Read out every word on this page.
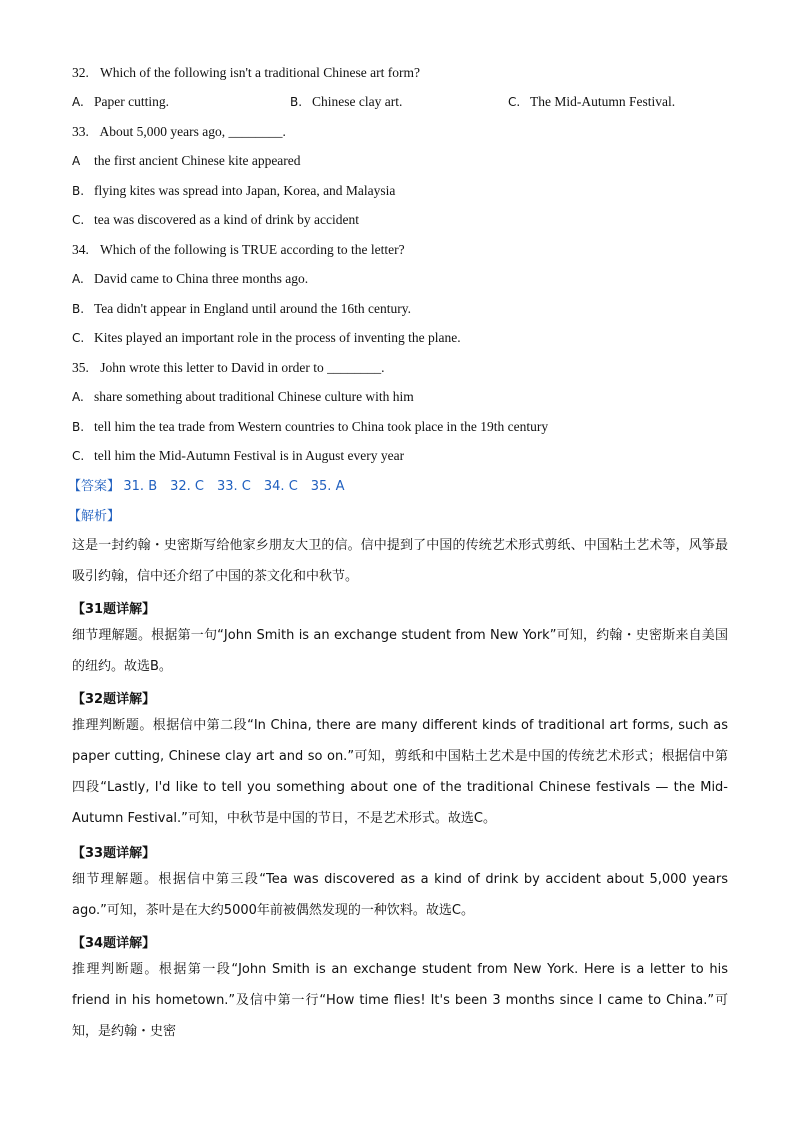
32. Which of the following isn't a traditional Chinese art form?
A. Paper cutting.	B. Chinese clay art.	C. The Mid-Autumn Festival.
33. About 5,000 years ago, ________.
A the first ancient Chinese kite appeared
B. flying kites was spread into Japan, Korea, and Malaysia
C. tea was discovered as a kind of drink by accident
34. Which of the following is TRUE according to the letter?
A. David came to China three months ago.
B. Tea didn't appear in England until around the 16th century.
C. Kites played an important role in the process of inventing the plane.
35. John wrote this letter to David in order to ________.
A. share something about traditional Chinese culture with him
B. tell him the tea trade from Western countries to China took place in the 19th century
C. tell him the Mid-Autumn Festival is in August every year
【答案】 31. B　32. C　33. C　34. C　35. A
【解析】
这是一封约翰・史密斯写给他家乡朋友大卫的信。信中提到了中国的传统艺术形式剪纸、中国粘土艺术等，风筝最吸引约翰，信中还介绍了中国的茶文化和中秋节。
【31题详解】
细节理解题。根据第一句“John Smith is an exchange student from New York”可知，约翰・史密斯来自美国的纽约。故选B。
【32题详解】
推理判断题。根据信中第二段“In China, there are many different kinds of traditional art forms, such as paper cutting, Chinese clay art and so on.”可知，剪纸和中国粘土艺术是中国的传统艺术形式；根据信中第四段“Lastly, I'd like to tell you something about one of the traditional Chinese festivals — the Mid-Autumn Festival.”可知，中秋节是中国的节日，不是艺术形式。故选C。
【33题详解】
细节理解题。根据信中第三段“Tea was discovered as a kind of drink by accident about 5,000 years ago.”可知，茶叶是在大约5000年前被偶然发现的一种饮料。故选C。
【34题详解】
推理判断题。根据第一段“John Smith is an exchange student from New York. Here is a letter to his friend in his hometown.”及信中第一行“How time flies! It's been 3 months since I came to China.”可知，是约翰・史密
